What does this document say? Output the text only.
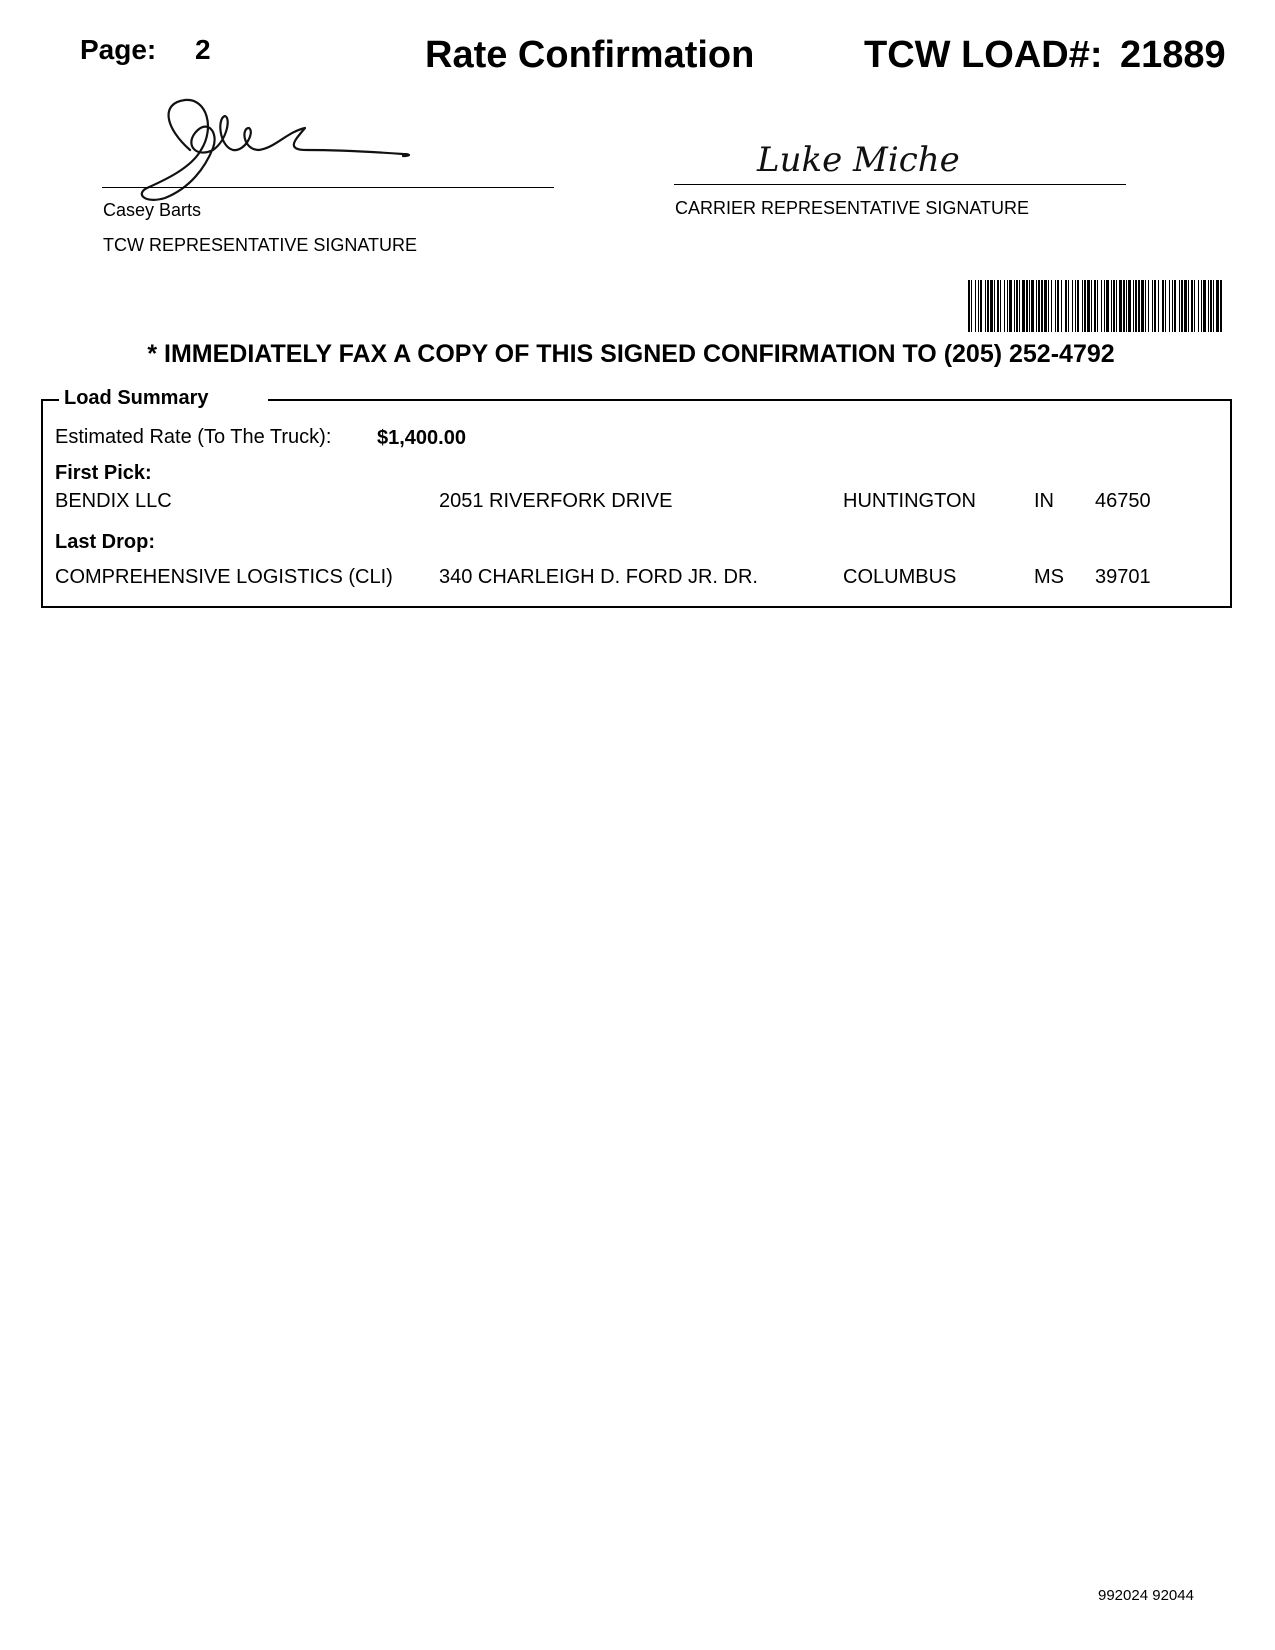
Page: 2	Rate Confirmation	TCW LOAD#: 21889
Casey Barts
TCW REPRESENTATIVE SIGNATURE
Luke Miche
CARRIER REPRESENTATIVE SIGNATURE
* IMMEDIATELY FAX A COPY OF THIS SIGNED CONFIRMATION TO (205) 252-4792
Load Summary
Estimated Rate (To The Truck): $1,400.00
First Pick:
BENDIX LLC	2051 RIVERFORK DRIVE	HUNTINGTON	IN 46750
Last Drop:
COMPREHENSIVE LOGISTICS (CLI) 340 CHARLEIGH D. FORD JR. DR.	COLUMBUS	MS 39701
992024 92044
